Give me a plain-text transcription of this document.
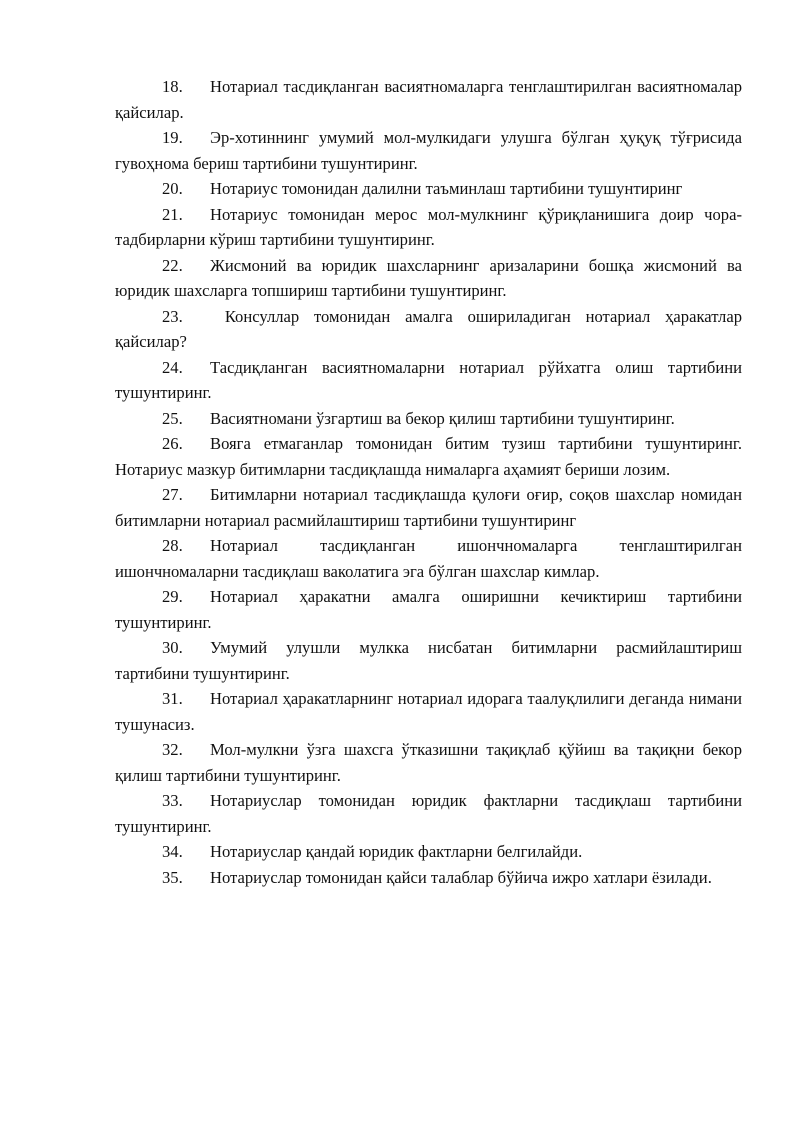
18. Нотариал тасдиқланган васиятномаларга тенглаштирилган васиятномалар қайсилар.

19. Эр-хотиннинг умумий мол-мулкидаги улушга бўлган ҳуқуқ тўғрисида гувоҳнома бериш тартибини тушунтиринг.

20. Нотариус томонидан далилни таъминлаш тартибини тушунтиринг

21. Нотариус томонидан мерос мол-мулкнинг қўриқланишига доир чора-тадбирларни кўриш тартибини тушунтиринг.

22. Жисмоний ва юридик шахсларнинг аризаларини бошқа жисмоний ва юридик шахсларга топшириш тартибини тушунтиринг.

23. Консуллар томонидан амалга ошириладиган нотариал ҳаракатлар қайсилар?

24. Тасдиқланган васиятномаларни нотариал рўйхатга олиш тартибини тушунтиринг.

25. Васиятномани ўзгартиш ва бекор қилиш тартибини тушунтиринг.

26. Вояга етмаганлар томонидан битим тузиш тартибини тушунтиринг. Нотариус мазкур битимларни тасдиқлашда нималарга аҳамият бериши лозим.

27. Битимларни нотариал тасдиқлашда қулоғи оғир, соқов шахслар номидан битимларни нотариал расмийлаштириш тартибини тушунтиринг

28. Нотариал тасдиқланган ишончномаларга тенглаштирилган ишончномаларни тасдиқлаш ваколатига эга бўлган шахслар кимлар.

29. Нотариал ҳаракатни амалга оширишни кечиктириш тартибини тушунтиринг.

30. Умумий улушли мулкка нисбатан битимларни расмийлаштириш тартибини тушунтиринг.

31. Нотариал ҳаракатларнинг нотариал идорага таалуқлилиги деганда нимани тушунасиз.

32. Мол-мулкни ўзга шахсга ўтказишни тақиқлаб қўйиш ва тақиқни бекор қилиш тартибини тушунтиринг.

33. Нотариуслар томонидан юридик фактларни тасдиқлаш тартибини тушунтиринг.

34. Нотариуслар қандай юридик фактларни белгилайди.

35. Нотариуслар томонидан қайси талаблар бўйича ижро хатлари ёзилади.
